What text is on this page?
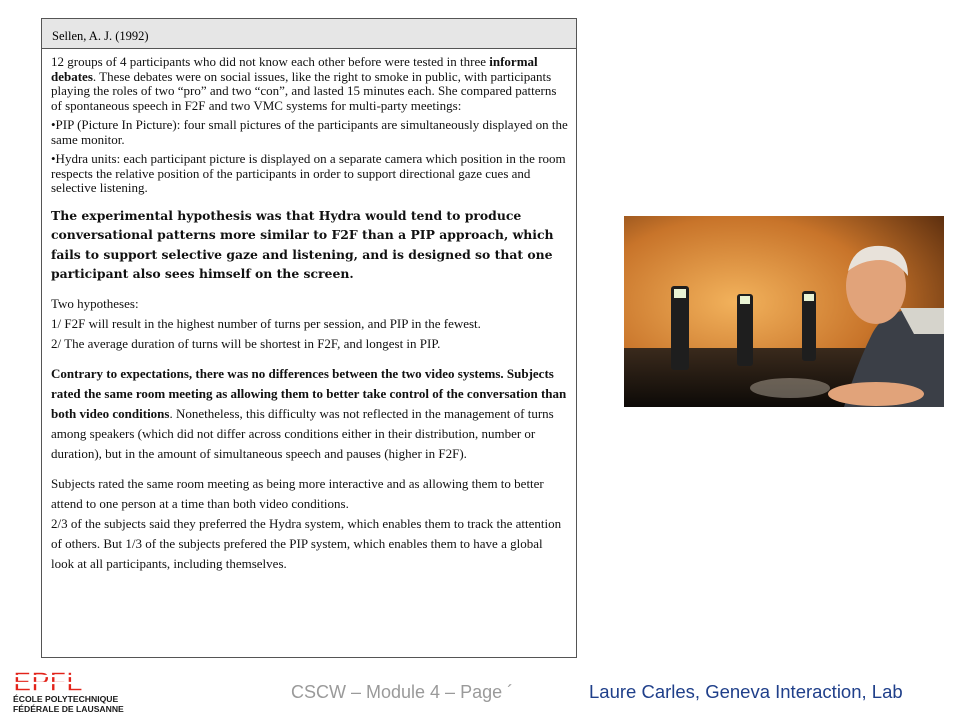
Sellen, A. J. (1992)

12 groups of 4 participants who did not know each other before were tested in three informal debates. These debates were on social issues, like the right to smoke in public, with participants playing the roles of two “pro” and two “con”, and lasted 15 minutes each. She compared patterns of spontaneous speech in F2F and two VMC systems for multi-party meetings:

•PIP (Picture In Picture): four small pictures of the participants are simultaneously displayed on the same monitor.

•Hydra units: each participant picture is displayed on a separate camera which position in the room respects the relative position of the participants in order to support directional gaze cues and selective listening.

The experimental hypothesis was that Hydra would tend to produce conversational patterns more similar to F2F than a PIP approach, which fails to support selective gaze and listening, and is designed so that one participant also sees himself on the screen.

Two hypotheses:

1/ F2F will result in the highest number of turns per session, and PIP in the fewest.

2/ The average duration of turns will be shortest in F2F, and longest in PIP.

Contrary to expectations, there was no differences between the two video systems. Subjects rated the same room meeting as allowing them to better take control of the conversation than both video conditions. Nonetheless, this difficulty was not reflected in the management of turns among speakers (which did not differ across conditions either in their distribution, number or duration), but in the amount of simultaneous speech and pauses (higher in F2F).

Subjects rated the same room meeting as being more interactive and as allowing them to better attend to one person at a time than both video conditions.

2/3 of the subjects said they preferred the Hydra system, which enables them to track the attention of others. But 1/3 of the subjects prefered the PIP system, which enables them to have a global look at all participants, including themselves.

EPFL
ÉCOLE POLYTECHNIQUE
FÉDÉRALE DE LAUSANNE
CSCW – Module 4 – Page ´	Laure Carles, Geneva Interaction, Lab
